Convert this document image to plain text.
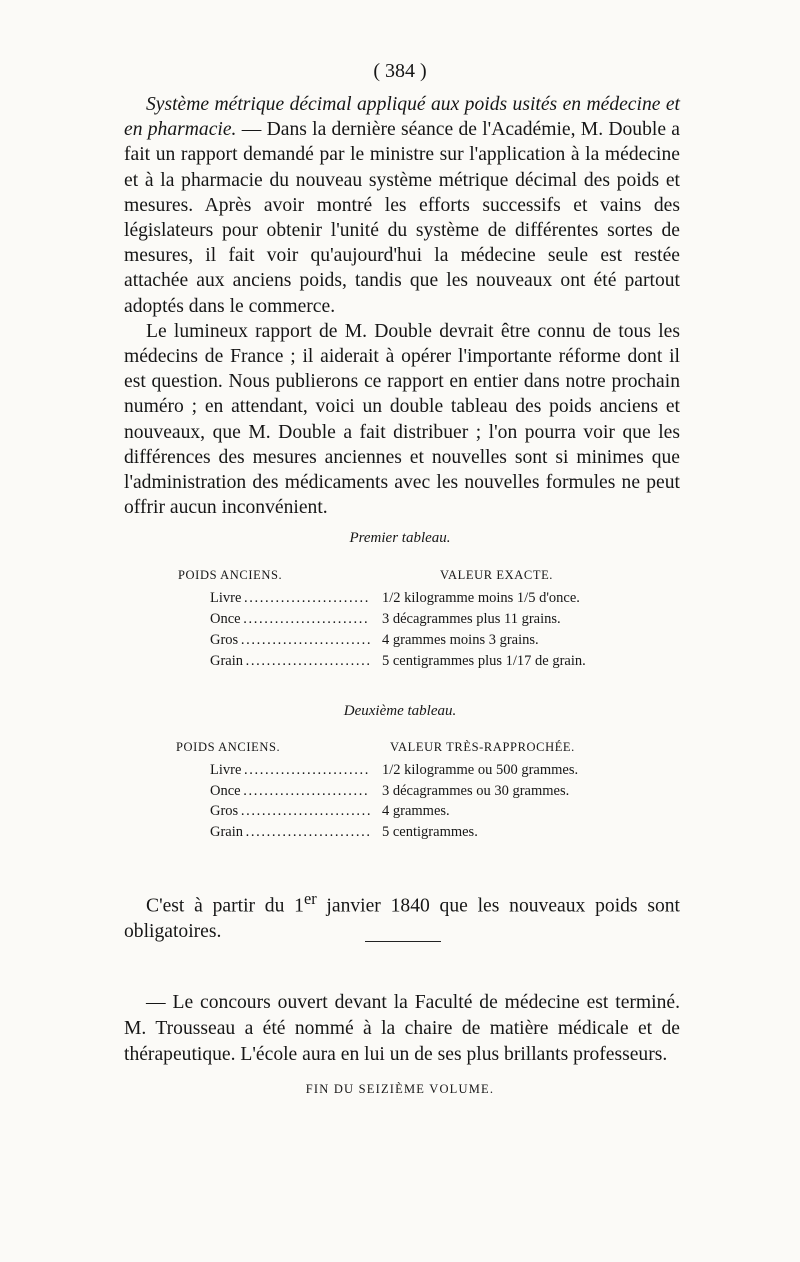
( 384 )

Système métrique décimal appliqué aux poids usités en médecine et en pharmacie. — Dans la dernière séance de l'Académie, M. Double a fait un rapport demandé par le ministre sur l'application à la médecine et à la pharmacie du nouveau système métrique décimal des poids et mesures. Après avoir montré les efforts successifs et vains des législateurs pour obtenir l'unité du système de différentes sortes de mesures, il fait voir qu'aujourd'hui la médecine seule est restée attachée aux anciens poids, tandis que les nouveaux ont été partout adoptés dans le commerce.

Le lumineux rapport de M. Double devrait être connu de tous les médecins de France ; il aiderait à opérer l'importante réforme dont il est question. Nous publierons ce rapport en entier dans notre prochain numéro ; en attendant, voici un double tableau des poids anciens et nouveaux, que M. Double a fait distribuer ; l'on pourra voir que les différences des mesures anciennes et nouvelles sont si minimes que l'administration des médicaments avec les nouvelles formules ne peut offrir aucun inconvénient.

Premier tableau.
POIDS ANCIENS.	VALEUR EXACTE.
Livre . . .	1/2 kilogramme moins 1/5 d'once.
Once . . .	3 décagrammes plus 11 grains.
Gros . . .	4 grammes moins 3 grains.
Grain . . .	5 centigrammes plus 1/17 de grain.
Deuxième tableau.
POIDS ANCIENS.	VALEUR TRÈS-RAPPROCHÉE.
Livre . . .	1/2 kilogramme ou 500 grammes.
Once . . .	3 décagrammes ou 30 grammes.
Gros . . .	4 grammes.
Grain . . .	5 centigrammes.

C'est à partir du 1er janvier 1840 que les nouveaux poids sont obligatoires.

— Le concours ouvert devant la Faculté de médecine est terminé. M. Trousseau a été nommé à la chaire de matière médicale et de thérapeutique. L'école aura en lui un de ses plus brillants professeurs.

FIN DU SEIZIÈME VOLUME.
